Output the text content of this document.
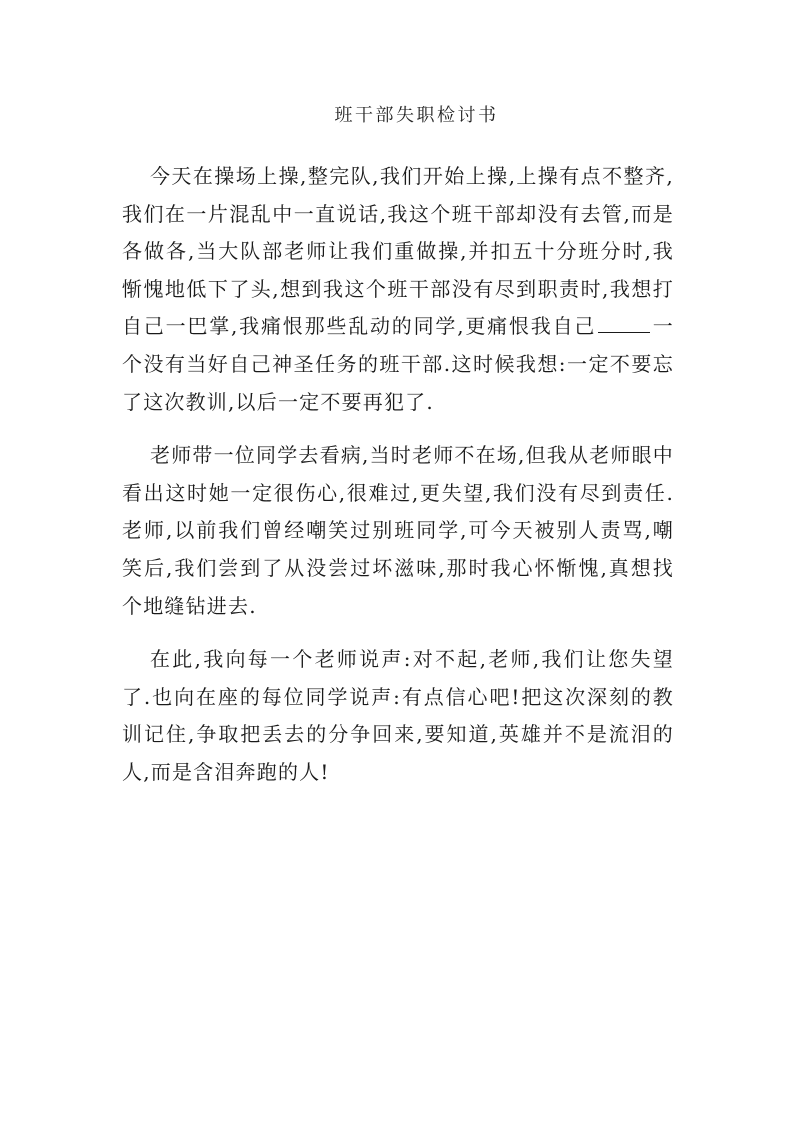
班干部失职检讨书

今天在操场上操,整完队,我们开始上操,上操有点不整齐,我们在一片混乱中一直说话,我这个班干部却没有去管,而是各做各,当大队部老师让我们重做操,并扣五十分班分时,我惭愧地低下了头,想到我这个班干部没有尽到职责时,我想打自己一巴掌,我痛恨那些乱动的同学,更痛恨我自己	一个没有当好自己神圣任务的班干部.这时候我想:一定不要忘了这次教训,以后一定不要再犯了.

老师带一位同学去看病,当时老师不在场,但我从老师眼中看出这时她一定很伤心,很难过,更失望,我们没有尽到责任.老师,以前我们曾经嘲笑过别班同学,可今天被别人责骂,嘲笑后,我们尝到了从没尝过坏滋味,那时我心怀惭愧,真想找个地缝钻进去.

在此,我向每一个老师说声:对不起,老师,我们让您失望了.也向在座的每位同学说声:有点信心吧!把这次深刻的教训记住,争取把丢去的分争回来,要知道,英雄并不是流泪的人,而是含泪奔跑的人!
